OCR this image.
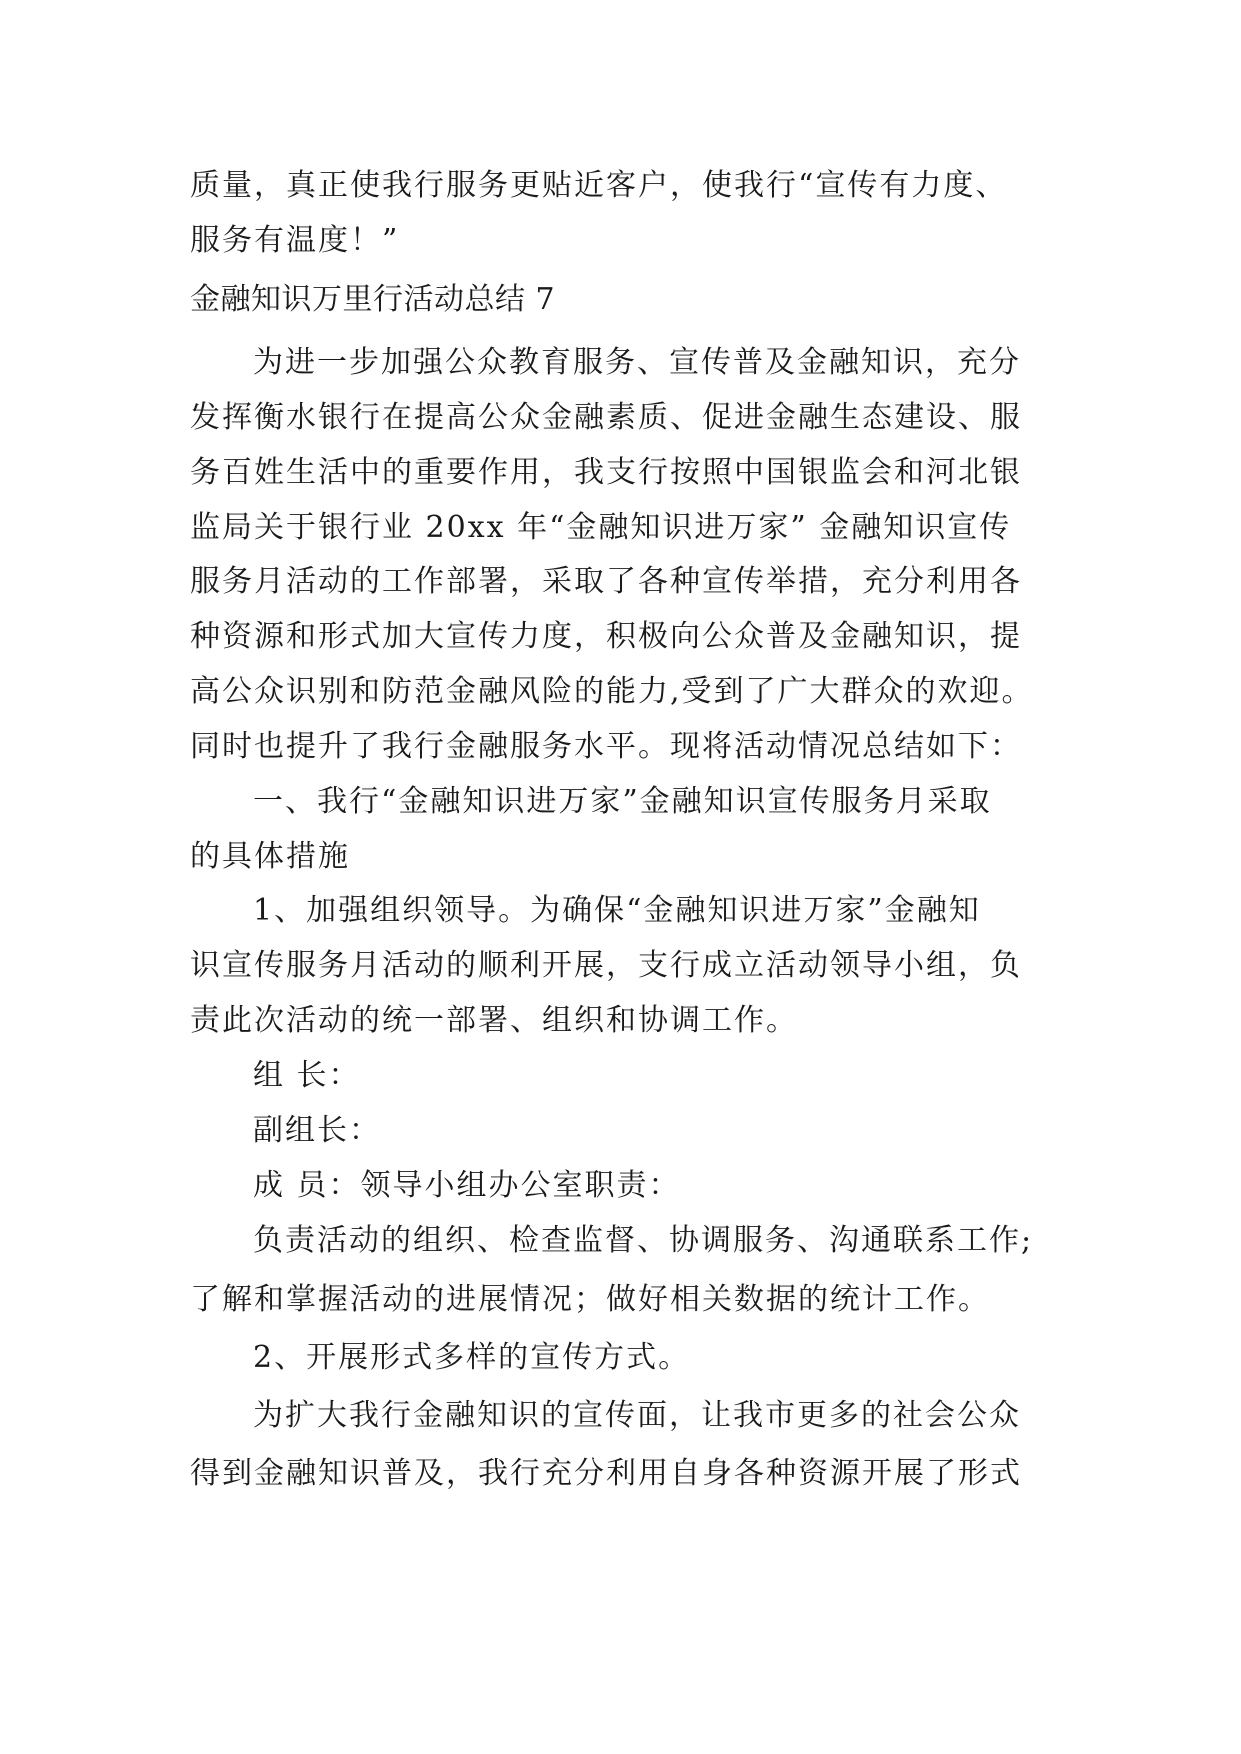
质量，真正使我行服务更贴近客户，使我行“宣传有力度、

服务有温度！”

金融知识万里行活动总结 7

为进一步加强公众教育服务、宣传普及金融知识，充分

发挥衡水银行在提高公众金融素质、促进金融生态建设、服

务百姓生活中的重要作用，我支行按照中国银监会和河北银

监局关于银行业 20xx 年“金融知识进万家” 金融知识宣传

服务月活动的工作部署，采取了各种宣传举措，充分利用各

种资源和形式加大宣传力度，积极向公众普及金融知识，提

高公众识别和防范金融风险的能力,受到了广大群众的欢迎。

同时也提升了我行金融服务水平。现将活动情况总结如下：

一、我行“金融知识进万家”金融知识宣传服务月采取

的具体措施

1、加强组织领导。为确保“金融知识进万家”金融知

识宣传服务月活动的顺利开展，支行成立活动领导小组，负

责此次活动的统一部署、组织和协调工作。

组 长：

副组长：

成 员：领导小组办公室职责：

负责活动的组织、检查监督、协调服务、沟通联系工作;

了解和掌握活动的进展情况；做好相关数据的统计工作。

2、开展形式多样的宣传方式。

为扩大我行金融知识的宣传面，让我市更多的社会公众

得到金融知识普及，我行充分利用自身各种资源开展了形式
